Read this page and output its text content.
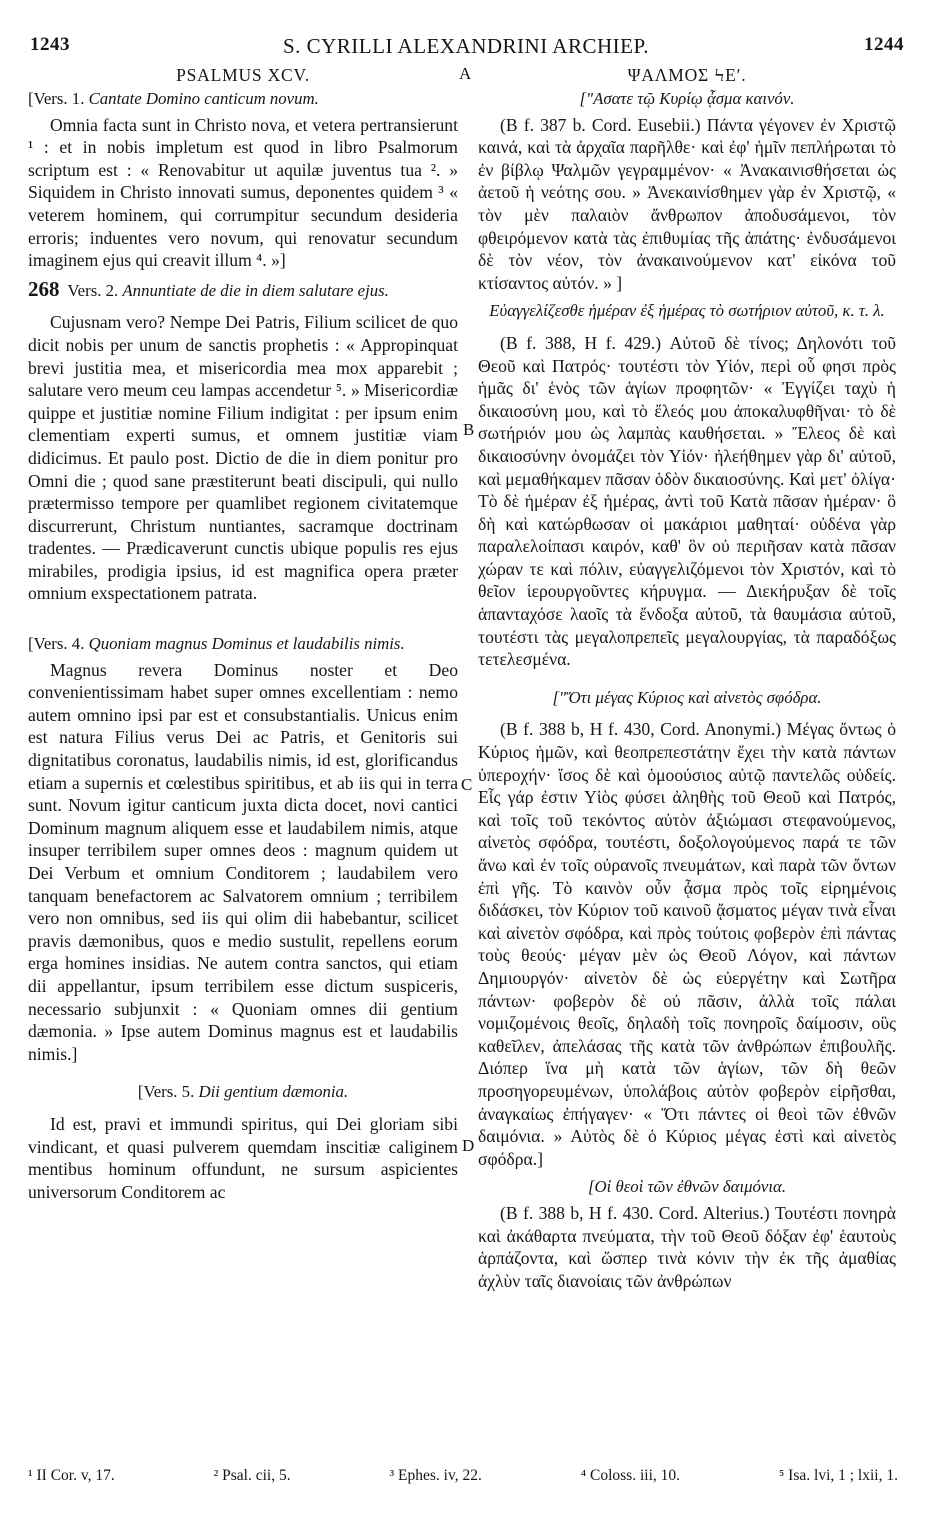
1243	S. CYRILLI ALEXANDRINI ARCHIEP.	1244
A
B
C
D
PSALMUS XCV.
[Vers. 1. Cantate Domino canticum novum.

Omnia facta sunt in Christo nova, et vetera pertransierunt ¹ : et in nobis impletum est quod in libro Psalmorum scriptum est : « Renovabitur ut aquilæ juventus tua ². » Siquidem in Christo innovati sumus, deponentes quidem ³ « veterem hominem, qui corrumpitur secundum desideria erroris; induentes vero novum, qui renovatur secundum imaginem ejus qui creavit illum ⁴. »]

268 Vers. 2. Annuntiate de die in diem salutare ejus.

Cujusnam vero? Nempe Dei Patris, Filium scilicet de quo dicit nobis per unum de sanctis prophetis : « Appropinquat brevi justitia mea, et misericordia mea mox apparebit ; salutare vero meum ceu lampas accendetur ⁵. » Misericordiæ quippe et justitiæ nomine Filium indigitat : per ipsum enim clementiam experti sumus, et omnem justitiæ viam didicimus. Et paulo post. Dictio de die in diem ponitur pro Omni die ; quod sane præstiterunt beati discipuli, qui nullo prætermisso tempore per quamlibet regionem civitatemque discurrerunt, Christum nuntiantes, sacramque doctrinam tradentes. — Prædicaverunt cunctis ubique populis res ejus mirabiles, prodigia ipsius, id est magnifica opera præter omnium exspectationem patrata.

[Vers. 4. Quoniam magnus Dominus et laudabilis nimis.

Magnus revera Dominus noster et Deo convenientissimam habet super omnes excellentiam : nemo autem omnino ipsi par est et consubstantialis. Unicus enim est natura Filius verus Dei ac Patris, et Genitoris sui dignitatibus coronatus, laudabilis nimis, id est, glorificandus etiam a supernis et cœlestibus spiritibus, et ab iis qui in terra sunt. Novum igitur canticum juxta dicta docet, novi cantici Dominum magnum aliquem esse et laudabilem nimis, atque insuper terribilem super omnes deos : magnum quidem ut Dei Verbum et omnium Conditorem ; laudabilem vero tanquam benefactorem ac Salvatorem omnium ; terribilem vero non omnibus, sed iis qui olim dii habebantur, scilicet pravis dæmonibus, quos e medio sustulit, repellens eorum erga homines insidias. Ne autem contra sanctos, qui etiam dii appellantur, ipsum terribilem esse dictum suspiceris, necessario subjunxit : « Quoniam omnes dii gentium dæmonia. » Ipse autem Dominus magnus est et laudabilis nimis.]

[Vers. 5. Dii gentium dæmonia.

Id est, pravi et immundi spiritus, qui Dei gloriam sibi vindicant, et quasi pulverem quemdam inscitiæ caliginem mentibus hominum offundunt, ne sursum aspicientes universorum Conditorem ac

ΨΑΛΜΟΣ ϞΕʹ.
["Ασατε τῷ Κυρίῳ ᾆσμα καινόν.

(B f. 387 b. Cord. Eusebii.) Πάντα γέγονεν ἐν Χριστῷ καινά, καὶ τὰ ἀρχαῖα παρῆλθε· καὶ ἐφ' ἡμῖν πεπλήρωται τὸ ἐν βίβλῳ Ψαλμῶν γεγραμμένον· « Ἀνακαινισθήσεται ὡς ἀετοῦ ἡ νεότης σου. » Ἀνεκαινίσθημεν γὰρ ἐν Χριστῷ, « τὸν μὲν παλαιὸν ἄνθρωπον ἀποδυσάμενοι, τὸν φθειρόμενον κατὰ τὰς ἐπιθυμίας τῆς ἀπάτης· ἐνδυσάμενοι δὲ τὸν νέον, τὸν ἀνακαινούμενον κατ' εἰκόνα τοῦ κτίσαντος αὐτόν. » ]

Εὐαγγελίζεσθε ἡμέραν ἐξ ἡμέρας τὸ σωτήριον αὐτοῦ, κ. τ. λ.

(B f. 388, H f. 429.) Αὐτοῦ δὲ τίνος; Δηλονότι τοῦ Θεοῦ καὶ Πατρός· τουτέστι τὸν Υἱόν, περὶ οὗ φησι πρὸς ἡμᾶς δι' ἑνὸς τῶν ἁγίων προφητῶν· « Ἐγγίζει ταχὺ ἡ δικαιοσύνη μου, καὶ τὸ ἔλεός μου ἀποκαλυφθῆναι· τὸ δὲ σωτήριόν μου ὡς λαμπὰς καυθήσεται. » Ἔλεος δὲ καὶ δικαιοσύνην ὀνομάζει τὸν Υἱόν· ἠλεήθημεν γὰρ δι' αὐτοῦ, καὶ μεμαθήκαμεν πᾶσαν ὁδὸν δικαιοσύνης. Καὶ μετ' ὀλίγα· Τὸ δὲ ἡμέραν ἐξ ἡμέρας, ἀντὶ τοῦ Κατὰ πᾶσαν ἡμέραν· ὃ δὴ καὶ κατώρθωσαν οἱ μακάριοι μαθηταί· οὐδένα γὰρ παραλελοίπασι καιρόν, καθ' ὃν οὐ περιῆσαν κατὰ πᾶσαν χώραν τε καὶ πόλιν, εὐαγγελιζόμενοι τὸν Χριστόν, καὶ τὸ θεῖον ἱερουργοῦντες κήρυγμα. — Διεκήρυξαν δὲ τοῖς ἁπανταχόσε λαοῖς τὰ ἔνδοξα αὐτοῦ, τὰ θαυμάσια αὐτοῦ, τουτέστι τὰς μεγαλοπρεπεῖς μεγαλουργίας, τὰ παραδόξως τετελεσμένα.

["Ὅτι μέγας Κύριος καὶ αἰνετὸς σφόδρα.

(B f. 388 b, H f. 430, Cord. Anonymi.) Μέγας ὄντως ὁ Κύριος ἡμῶν, καὶ θεοπρεπεστάτην ἔχει τὴν κατὰ πάντων ὑπεροχήν· ἴσος δὲ καὶ ὁμοούσιος αὐτῷ παντελῶς οὐδείς. Εἷς γάρ ἐστιν Υἱὸς φύσει ἀληθὴς τοῦ Θεοῦ καὶ Πατρός, καὶ τοῖς τοῦ τεκόντος αὐτὸν ἀξιώμασι στεφανούμενος, αἰνετὸς σφόδρα, τουτέστι, δοξολογούμενος παρά τε τῶν ἄνω καὶ ἐν τοῖς οὐρανοῖς πνευμάτων, καὶ παρὰ τῶν ὄντων ἐπὶ γῆς. Τὸ καινὸν οὖν ᾆσμα πρὸς τοῖς εἰρημένοις διδάσκει, τὸν Κύριον τοῦ καινοῦ ᾄσματος μέγαν τινὰ εἶναι καὶ αἰνετὸν σφόδρα, καὶ πρὸς τούτοις φοβερὸν ἐπὶ πάντας τοὺς θεούς· μέγαν μὲν ὡς Θεοῦ Λόγον, καὶ πάντων Δημιουργόν· αἰνετὸν δὲ ὡς εὐεργέτην καὶ Σωτῆρα πάντων· φοβερὸν δὲ οὐ πᾶσιν, ἀλλὰ τοῖς πάλαι νομιζομένοις θεοῖς, δηλαδὴ τοῖς πονηροῖς δαίμοσιν, οὓς καθεῖλεν, ἀπελάσας τῆς κατὰ τῶν ἀνθρώπων ἐπιβουλῆς. Διόπερ ἵνα μὴ κατὰ τῶν ἁγίων, τῶν δὴ θεῶν προσηγορευμένων, ὑπολάβοις αὐτὸν φοβερὸν εἰρῆσθαι, ἀναγκαίως ἐπήγαγεν· « Ὅτι πάντες οἱ θεοὶ τῶν ἐθνῶν δαιμόνια. » Αὐτὸς δὲ ὁ Κύριος μέγας ἐστὶ καὶ αἰνετὸς σφόδρα.]

[Οἱ θεοὶ τῶν ἐθνῶν δαιμόνια.

(B f. 388 b, H f. 430. Cord. Alterius.) Τουτέστι πονηρὰ καὶ ἀκάθαρτα πνεύματα, τὴν τοῦ Θεοῦ δόξαν ἐφ' ἑαυτοὺς ἁρπάζοντα, καὶ ὥσπερ τινὰ κόνιν τὴν ἐκ τῆς ἀμαθίας ἀχλὺν ταῖς διανοίαις τῶν ἀνθρώπων

¹ II Cor. v, 17.	² Psal. cii, 5.	³ Ephes. iv, 22.	⁴ Coloss. iii, 10.	⁵ Isa. lvi, 1 ; lxii, 1.
